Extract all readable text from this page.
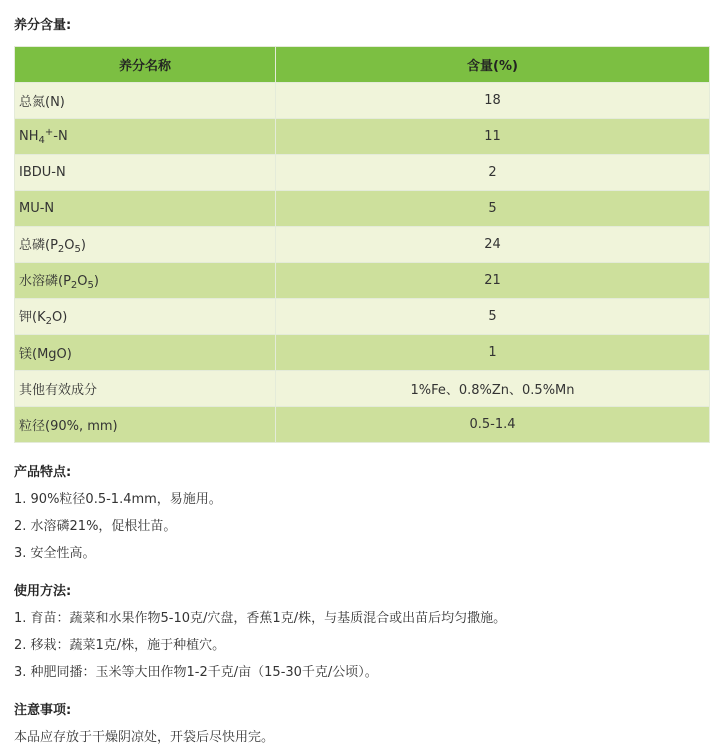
养分含量:
养分名称	含量(%)
总氮(N)	18
$NH_4^+-N$	11
IBDU-N	2
MU-N	5
总磷$(P_2O_5)$	24
水溶磷$(P_2O_5)$	21
钾$(K_2O)$	5
镁(MgO)	1
其他有效成分	1%Fe、0.8%Zn、0.5%Mn
粒径(90%, mm)	0.5-1.4
产品特点:
1. 90%粒径0.5-1.4mm，易施用。
2. 水溶磷21%，促根壮苗。
3. 安全性高。
使用方法:
1. 育苗：蔬菜和水果作物5-10克/穴盘，香蕉1克/株，与基质混合或出苗后均匀撒施。
2. 移栽：蔬菜1克/株，施于种植穴。
3. 种肥同播：玉米等大田作物1-2千克/亩（15-30千克/公顷）。
注意事项:
本品应存放于干燥阴凉处，开袋后尽快用完。
